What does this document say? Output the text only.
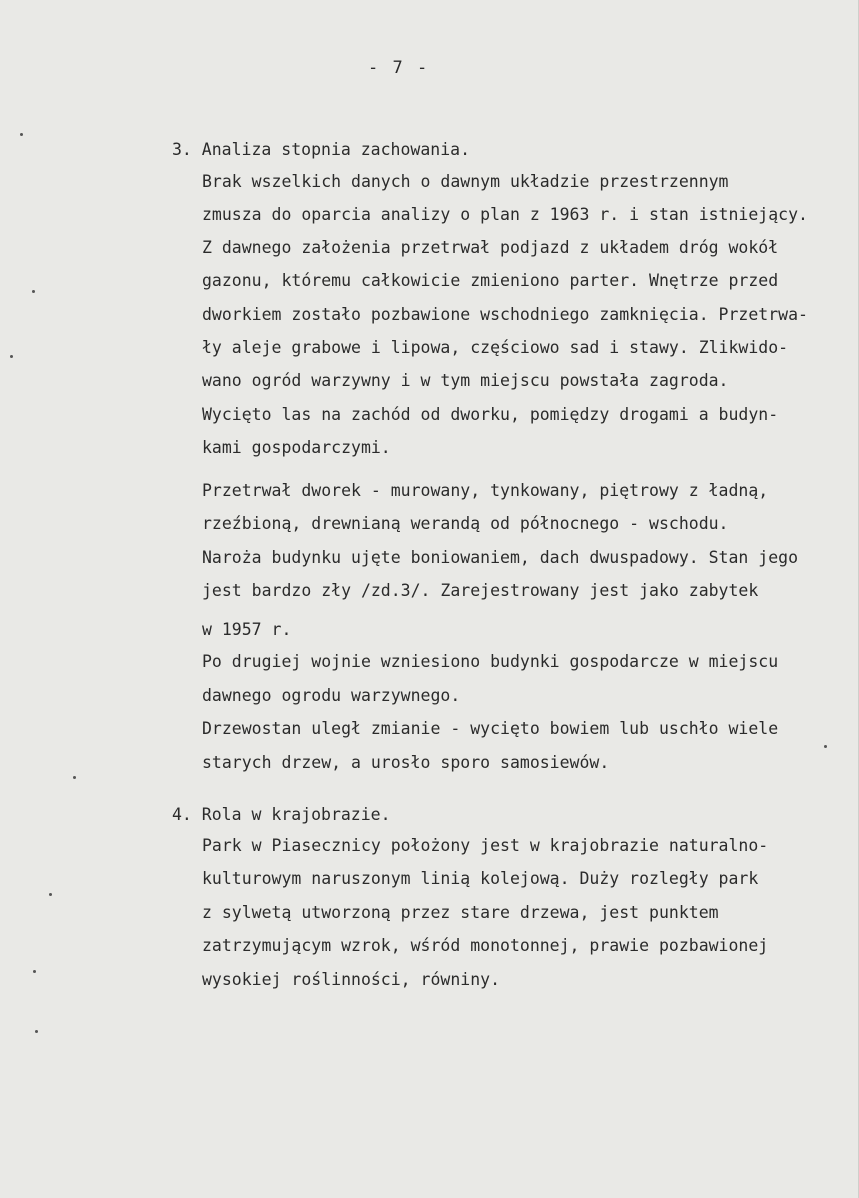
- 7 -
3. Analiza stopnia zachowania.
Brak wszelkich danych o dawnym układzie przestrzennym
zmusza do oparcia analizy o plan z 1963 r. i stan istniejący.
Z dawnego założenia przetrwał podjazd z układem dróg wokół
gazonu, któremu całkowicie zmieniono parter. Wnętrze przed
dworkiem zostało pozbawione wschodniego zamknięcia. Przetrwa-
ły aleje grabowe i lipowa, częściowo sad i stawy. Zlikwido-
wano ogród warzywny i w tym miejscu powstała zagroda.
Wycięto las na zachód od dworku, pomiędzy drogami a budyn-
kami gospodarczymi.
Przetrwał dworek - murowany, tynkowany, piętrowy z ładną,
rzeźbioną, drewnianą werandą od północnego - wschodu.
Naroża budynku ujęte boniowaniem, dach dwuspadowy. Stan jego
jest bardzo zły /zd.3/. Zarejestrowany jest jako zabytek
w 1957 r.
Po drugiej wojnie wzniesiono budynki gospodarcze w miejscu
dawnego ogrodu warzywnego.
Drzewostan uległ zmianie - wycięto bowiem lub uschło wiele
starych drzew, a urosło sporo samosiewów.
4. Rola w krajobrazie.
Park w Piasecznicy położony jest w krajobrazie naturalno-
kulturowym naruszonym linią kolejową. Duży rozległy park
z sylwetą utworzoną przez stare drzewa, jest punktem
zatrzymującym wzrok, wśród monotonnej, prawie pozbawionej
wysokiej roślinności, równiny.
